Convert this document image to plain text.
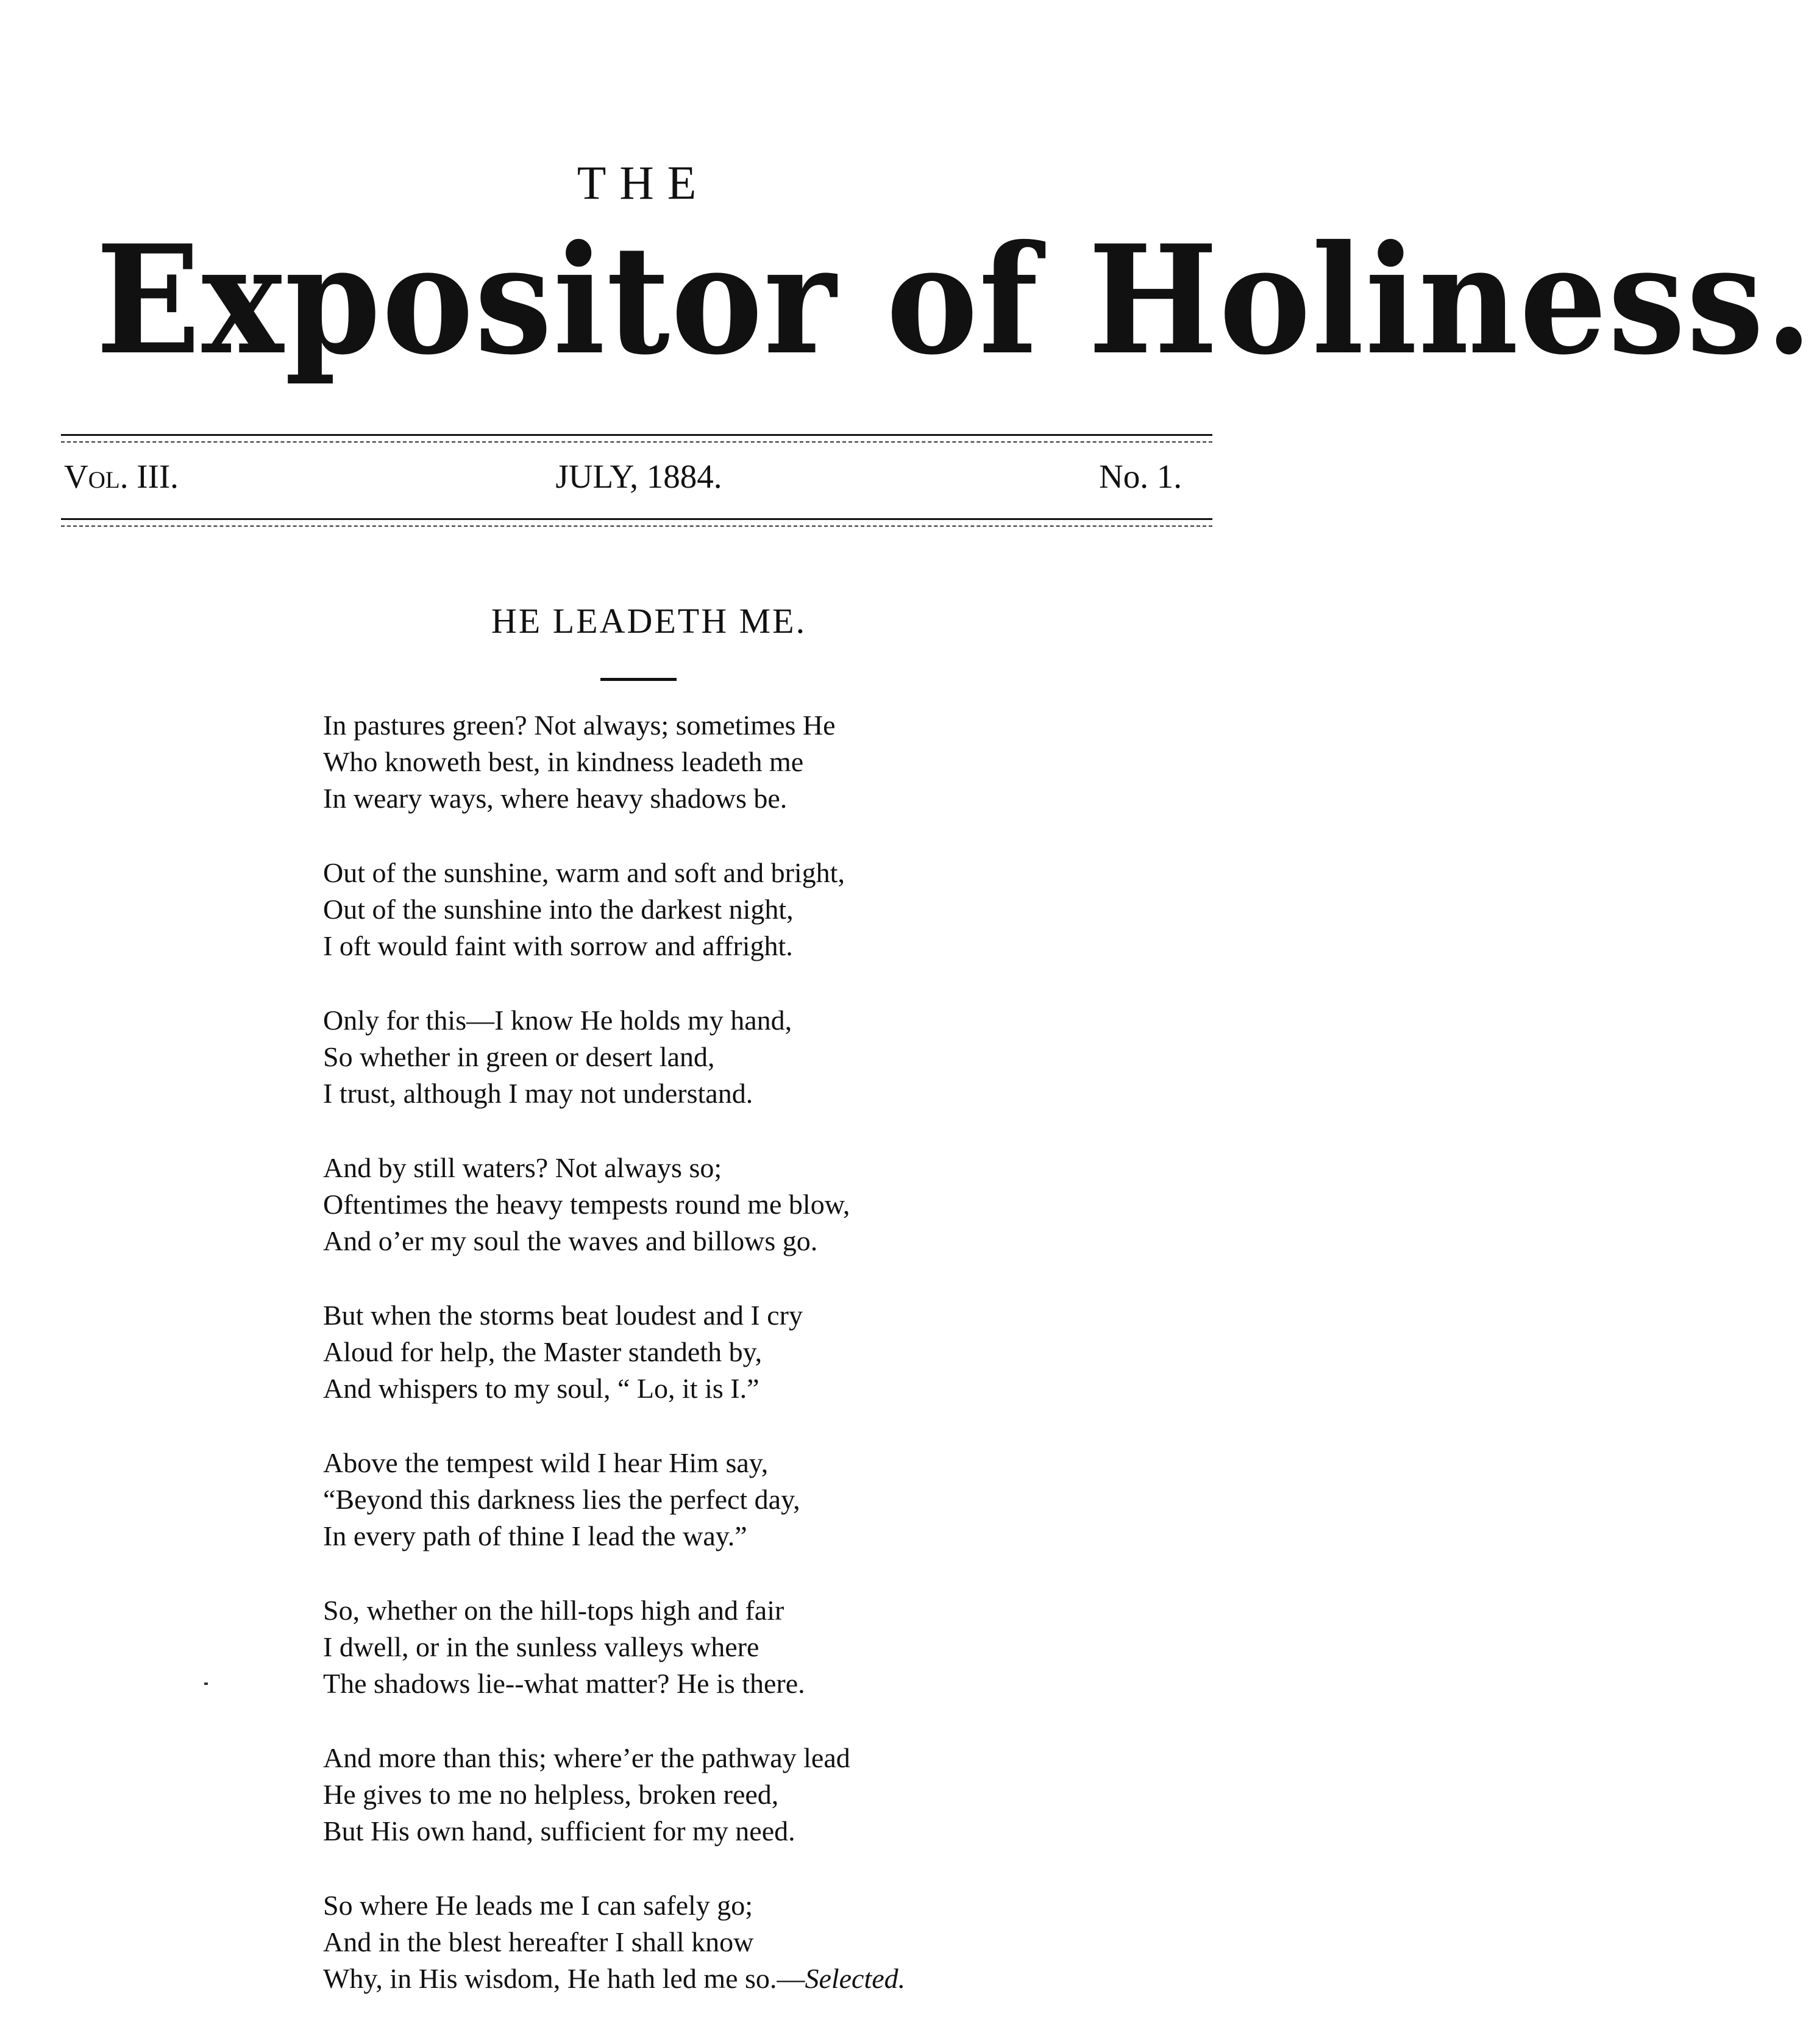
THE
Expositor of Holiness.
Vol. III.	JULY, 1884.	No. 1.
HE LEADETH ME.
In pastures green? Not always; sometimes He
Who knoweth best, in kindness leadeth me
In weary ways, where heavy shadows be.
Out of the sunshine, warm and soft and bright,
Out of the sunshine into the darkest night,
I oft would faint with sorrow and affright.
Only for this—I know He holds my hand,
So whether in green or desert land,
I trust, although I may not understand.
And by still waters? Not always so;
Oftentimes the heavy tempests round me blow,
And o’er my soul the waves and billows go.
But when the storms beat loudest and I cry
Aloud for help, the Master standeth by,
And whispers to my soul, “ Lo, it is I.”
Above the tempest wild I hear Him say,
“Beyond this darkness lies the perfect day,
In every path of thine I lead the way.”
So, whether on the hill-tops high and fair
I dwell, or in the sunless valleys where
The shadows lie--what matter? He is there.
And more than this; where’er the pathway lead
He gives to me no helpless, broken reed,
But His own hand, sufficient for my need.
So where He leads me I can safely go;
And in the blest hereafter I shall know
Why, in His wisdom, He hath led me so.—Selected.
